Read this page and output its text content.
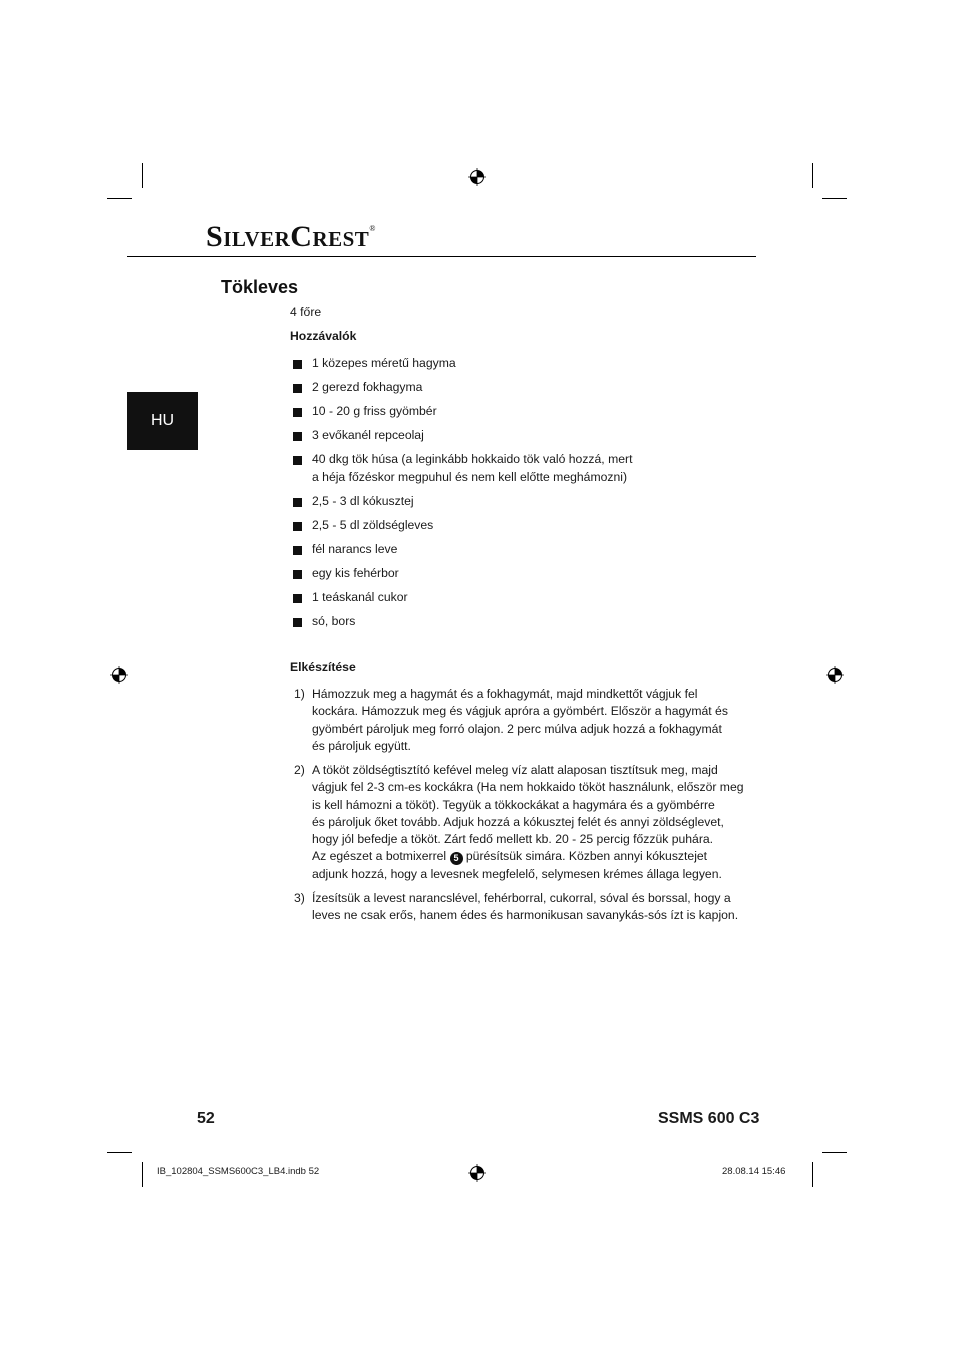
SILVERCREST®
Tökleves
HU
4 főre
Hozzávalók
1 közepes méretű hagyma
2 gerezd fokhagyma
10 - 20 g friss gyömbér
3 evőkanél repceolaj
40 dkg tök húsa (a leginkább hokkaido tök való hozzá, mert
a héja főzéskor megpuhul és nem kell előtte meghámozni)
2,5 - 3 dl kókusztej
2,5 - 5 dl zöldségleves
fél narancs leve
egy kis fehérbor
1 teáskanál cukor
só, bors
Elkészítése
1) Hámozzuk meg a hagymát és a fokhagymát, majd mindkettőt vágjuk fel
kockára. Hámozzuk meg és vágjuk apróra a gyömbért. Először a hagymát és
gyömbért pároljuk meg forró olajon. 2 perc múlva adjuk hozzá a fokhagymát
és pároljuk együtt.
2) A tököt zöldségtisztító kefével meleg víz alatt alaposan tisztítsuk meg, majd
vágjuk fel 2-3 cm-es kockákra (Ha nem hokkaido tököt használunk, először meg
is kell hámozni a tököt). Tegyük a tökkockákat a hagymára és a gyömbérre
és pároljuk őket tovább. Adjuk hozzá a kókusztej felét és annyi zöldséglevet,
hogy jól befedje a tököt. Zárt fedő mellett kb. 20 - 25 percig főzzük puhára.
Az egészet a botmixerrel 5 pürésítsük simára. Közben annyi kókusztejet
adjunk hozzá, hogy a levesnek megfelelő, selymesen krémes állaga legyen.
3) Ízesítsük a levest narancslével, fehérborral, cukorral, sóval és borssal, hogy a
leves ne csak erős, hanem édes és harmonikusan savanykás-sós ízt is kapjon.
52	SSMS 600 C3
IB_102804_SSMS600C3_LB4.indb 52	28.08.14 15:46
